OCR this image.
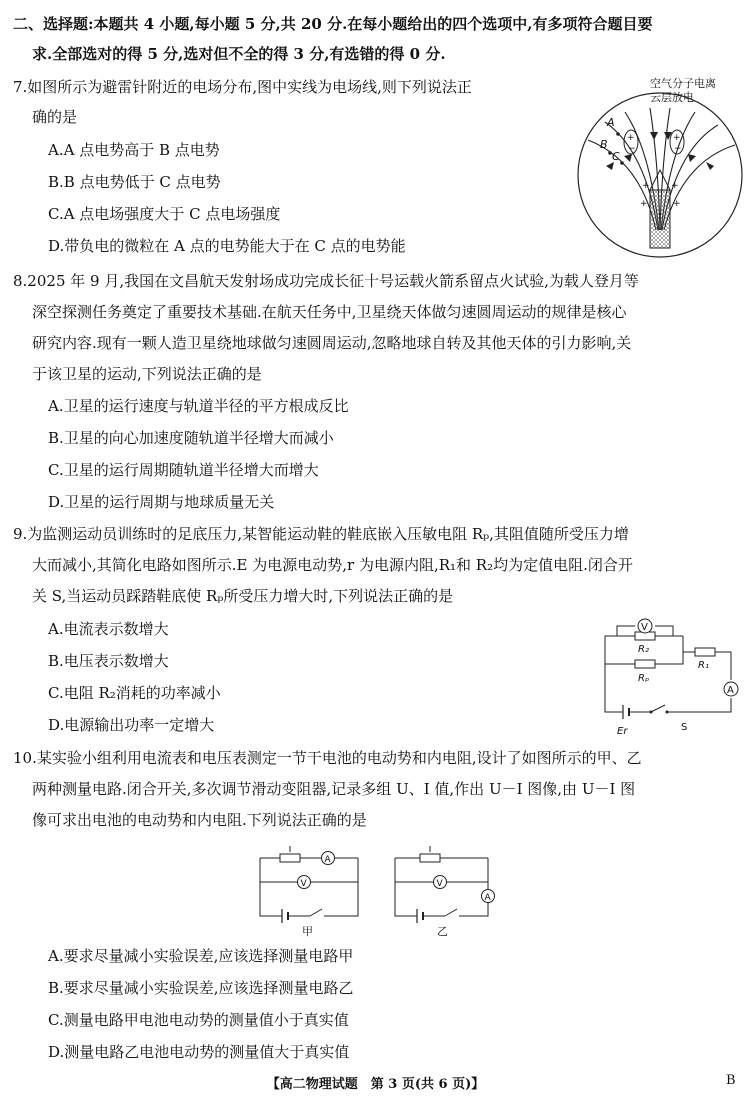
二、选择题:本题共 4 小题,每小题 5 分,共 20 分.在每小题给出的四个选项中,有多项符合题目要
求.全部选对的得 5 分,选对但不全的得 3 分,有选错的得 0 分.
7.如图所示为避雷针附近的电场分布,图中实线为电场线,则下列说法正
确的是
A.A 点电势高于 B 点电势
B.B 点电势低于 C 点电势
C.A 点电场强度大于 C 点电场强度
D.带负电的微粒在 A 点的电势能大于在 C 点的电势能
空气分子电离
云层放电
+
−
+
−
A
B
C
+ +
+	+
8.2025 年 9 月,我国在文昌航天发射场成功完成长征十号运载火箭系留点火试验,为载人登月等
深空探测任务奠定了重要技术基础.在航天任务中,卫星绕天体做匀速圆周运动的规律是核心
研究内容.现有一颗人造卫星绕地球做匀速圆周运动,忽略地球自转及其他天体的引力影响,关
于该卫星的运动,下列说法正确的是
A.卫星的运行速度与轨道半径的平方根成反比
B.卫星的向心加速度随轨道半径增大而减小
C.卫星的运行周期随轨道半径增大而增大
D.卫星的运行周期与地球质量无关
9.为监测运动员训练时的足底压力,某智能运动鞋的鞋底嵌入压敏电阻 Rₚ,其阻值随所受压力增
大而减小,其简化电路如图所示.E 为电源电动势,r 为电源内阻,R₁和 R₂均为定值电阻.闭合开
关 S,当运动员踩踏鞋底使 Rₚ所受压力增大时,下列说法正确的是
A.电流表示数增大
B.电压表示数增大
C.电阻 R₂消耗的功率减小
D.电源输出功率一定增大
V
A
R₂
R₁
Rₚ
Er	S
10.某实验小组利用电流表和电压表测定一节干电池的电动势和内电阻,设计了如图所示的甲、乙
两种测量电路.闭合开关,多次调节滑动变阻器,记录多组 U、I 值,作出 U－I 图像,由 U－I 图
像可求出电池的电动势和内电阻.下列说法正确的是
A
V
甲
V
A
乙
A.要求尽量减小实验误差,应该选择测量电路甲
B.要求尽量减小实验误差,应该选择测量电路乙
C.测量电路甲电池电动势的测量值小于真实值
D.测量电路乙电池电动势的测量值大于真实值
【高二物理试题　第 3 页(共 6 页)】	B
